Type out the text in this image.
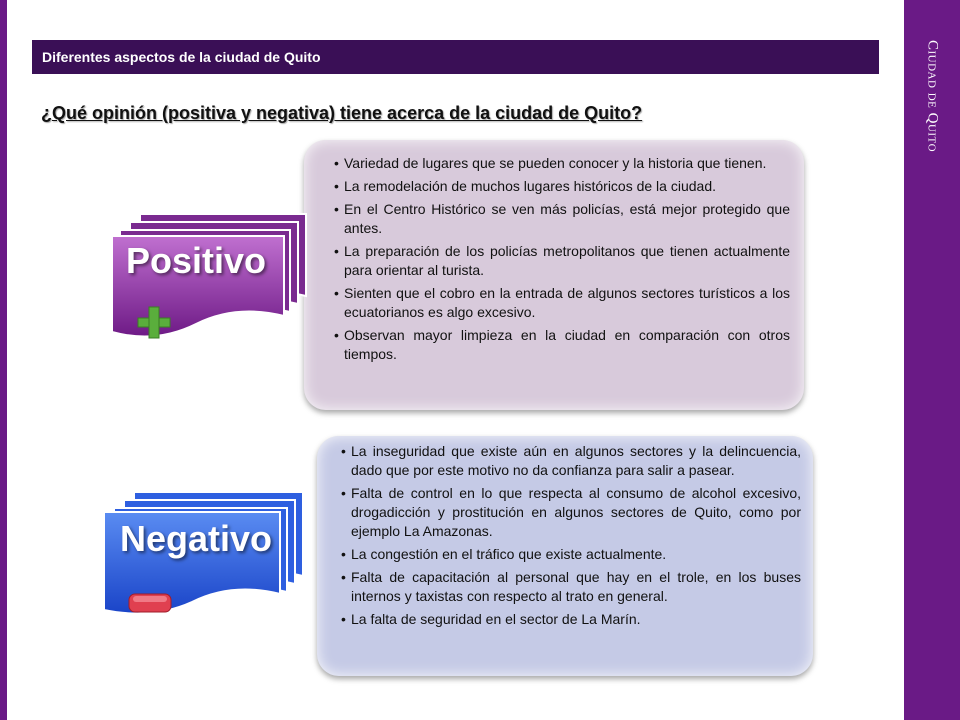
Ciudad de Quito
Diferentes aspectos de la ciudad de Quito
¿Qué opinión (positiva y negativa) tiene acerca de la ciudad de Quito?
• Variedad de lugares que se pueden conocer y la historia que tienen.
• La remodelación de muchos lugares históricos de la ciudad.
• En el Centro Histórico se ven más policías, está mejor protegido que antes.
• La preparación de los policías metropolitanos que tienen actualmente para orientar al turista.
• Sienten que el cobro en la entrada de algunos sectores turísticos a los ecuatorianos es algo excesivo.
• Observan mayor limpieza en la ciudad en comparación con otros tiempos.
Positivo
• La inseguridad que existe aún en algunos sectores y la delincuencia, dado que por este motivo no da confianza para salir a pasear.
• Falta de control en lo que respecta al consumo de alcohol excesivo, drogadicción y prostitución en algunos sectores de Quito, como por ejemplo La Amazonas.
• La congestión en el tráfico que existe actualmente.
• Falta de capacitación al personal que hay en el trole, en los buses internos y taxistas con respecto al trato en general.
• La falta de seguridad en el sector de La Marín.
Negativo
